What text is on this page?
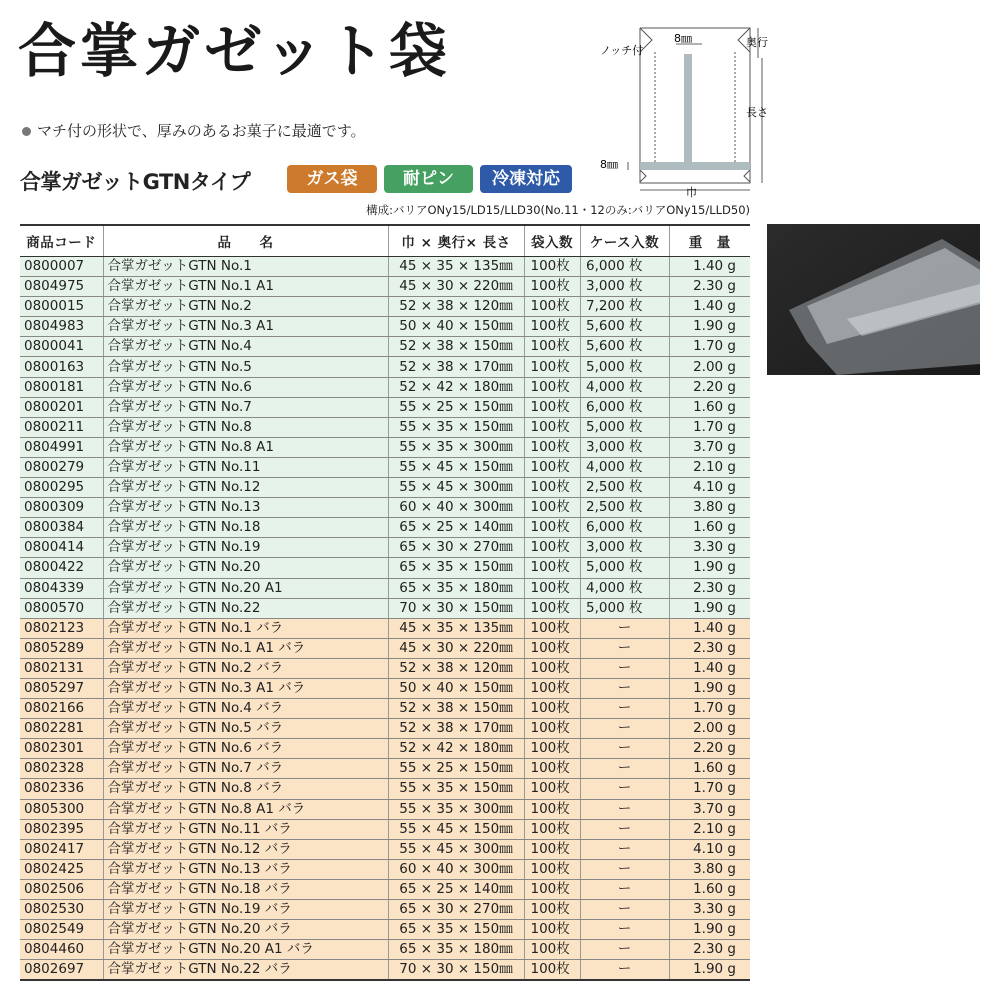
合掌ガゼット袋
マチ付の形状で、厚みのあるお菓子に最適です。
合掌ガゼットGTNタイプ	ガス袋	耐ピン	冷凍対応
構成:バリアONy15/LD15/LLD30(No.11・12のみ:バリアONy15/LLD50)
ノッチ付
8㎜	奥行
長さ
8㎜
巾
商品コード	品　　名	巾 × 奥行× 長さ	袋入数	ケース入数	重　量
0800007	合掌ガゼットGTN No.1	45 × 35 × 135㎜	100枚	6,000 枚	1.40 g
0804975	合掌ガゼットGTN No.1 A1	45 × 30 × 220㎜	100枚	3,000 枚	2.30 g
0800015	合掌ガゼットGTN No.2	52 × 38 × 120㎜	100枚	7,200 枚	1.40 g
0804983	合掌ガゼットGTN No.3 A1	50 × 40 × 150㎜	100枚	5,600 枚	1.90 g
0800041	合掌ガゼットGTN No.4	52 × 38 × 150㎜	100枚	5,600 枚	1.70 g
0800163	合掌ガゼットGTN No.5	52 × 38 × 170㎜	100枚	5,000 枚	2.00 g
0800181	合掌ガゼットGTN No.6	52 × 42 × 180㎜	100枚	4,000 枚	2.20 g
0800201	合掌ガゼットGTN No.7	55 × 25 × 150㎜	100枚	6,000 枚	1.60 g
0800211	合掌ガゼットGTN No.8	55 × 35 × 150㎜	100枚	5,000 枚	1.70 g
0804991	合掌ガゼットGTN No.8 A1	55 × 35 × 300㎜	100枚	3,000 枚	3.70 g
0800279	合掌ガゼットGTN No.11	55 × 45 × 150㎜	100枚	4,000 枚	2.10 g
0800295	合掌ガゼットGTN No.12	55 × 45 × 300㎜	100枚	2,500 枚	4.10 g
0800309	合掌ガゼットGTN No.13	60 × 40 × 300㎜	100枚	2,500 枚	3.80 g
0800384	合掌ガゼットGTN No.18	65 × 25 × 140㎜	100枚	6,000 枚	1.60 g
0800414	合掌ガゼットGTN No.19	65 × 30 × 270㎜	100枚	3,000 枚	3.30 g
0800422	合掌ガゼットGTN No.20	65 × 35 × 150㎜	100枚	5,000 枚	1.90 g
0804339	合掌ガゼットGTN No.20 A1	65 × 35 × 180㎜	100枚	4,000 枚	2.30 g
0800570	合掌ガゼットGTN No.22	70 × 30 × 150㎜	100枚	5,000 枚	1.90 g
0802123	合掌ガゼットGTN No.1 バラ	45 × 35 × 135㎜	100枚	ー	1.40 g
0805289	合掌ガゼットGTN No.1 A1 バラ	45 × 30 × 220㎜	100枚	ー	2.30 g
0802131	合掌ガゼットGTN No.2 バラ	52 × 38 × 120㎜	100枚	ー	1.40 g
0805297	合掌ガゼットGTN No.3 A1 バラ	50 × 40 × 150㎜	100枚	ー	1.90 g
0802166	合掌ガゼットGTN No.4 バラ	52 × 38 × 150㎜	100枚	ー	1.70 g
0802281	合掌ガゼットGTN No.5 バラ	52 × 38 × 170㎜	100枚	ー	2.00 g
0802301	合掌ガゼットGTN No.6 バラ	52 × 42 × 180㎜	100枚	ー	2.20 g
0802328	合掌ガゼットGTN No.7 バラ	55 × 25 × 150㎜	100枚	ー	1.60 g
0802336	合掌ガゼットGTN No.8 バラ	55 × 35 × 150㎜	100枚	ー	1.70 g
0805300	合掌ガゼットGTN No.8 A1 バラ	55 × 35 × 300㎜	100枚	ー	3.70 g
0802395	合掌ガゼットGTN No.11 バラ	55 × 45 × 150㎜	100枚	ー	2.10 g
0802417	合掌ガゼットGTN No.12 バラ	55 × 45 × 300㎜	100枚	ー	4.10 g
0802425	合掌ガゼットGTN No.13 バラ	60 × 40 × 300㎜	100枚	ー	3.80 g
0802506	合掌ガゼットGTN No.18 バラ	65 × 25 × 140㎜	100枚	ー	1.60 g
0802530	合掌ガゼットGTN No.19 バラ	65 × 30 × 270㎜	100枚	ー	3.30 g
0802549	合掌ガゼットGTN No.20 バラ	65 × 35 × 150㎜	100枚	ー	1.90 g
0804460	合掌ガゼットGTN No.20 A1 バラ	65 × 35 × 180㎜	100枚	ー	2.30 g
0802697	合掌ガゼットGTN No.22 バラ	70 × 30 × 150㎜	100枚	ー	1.90 g
